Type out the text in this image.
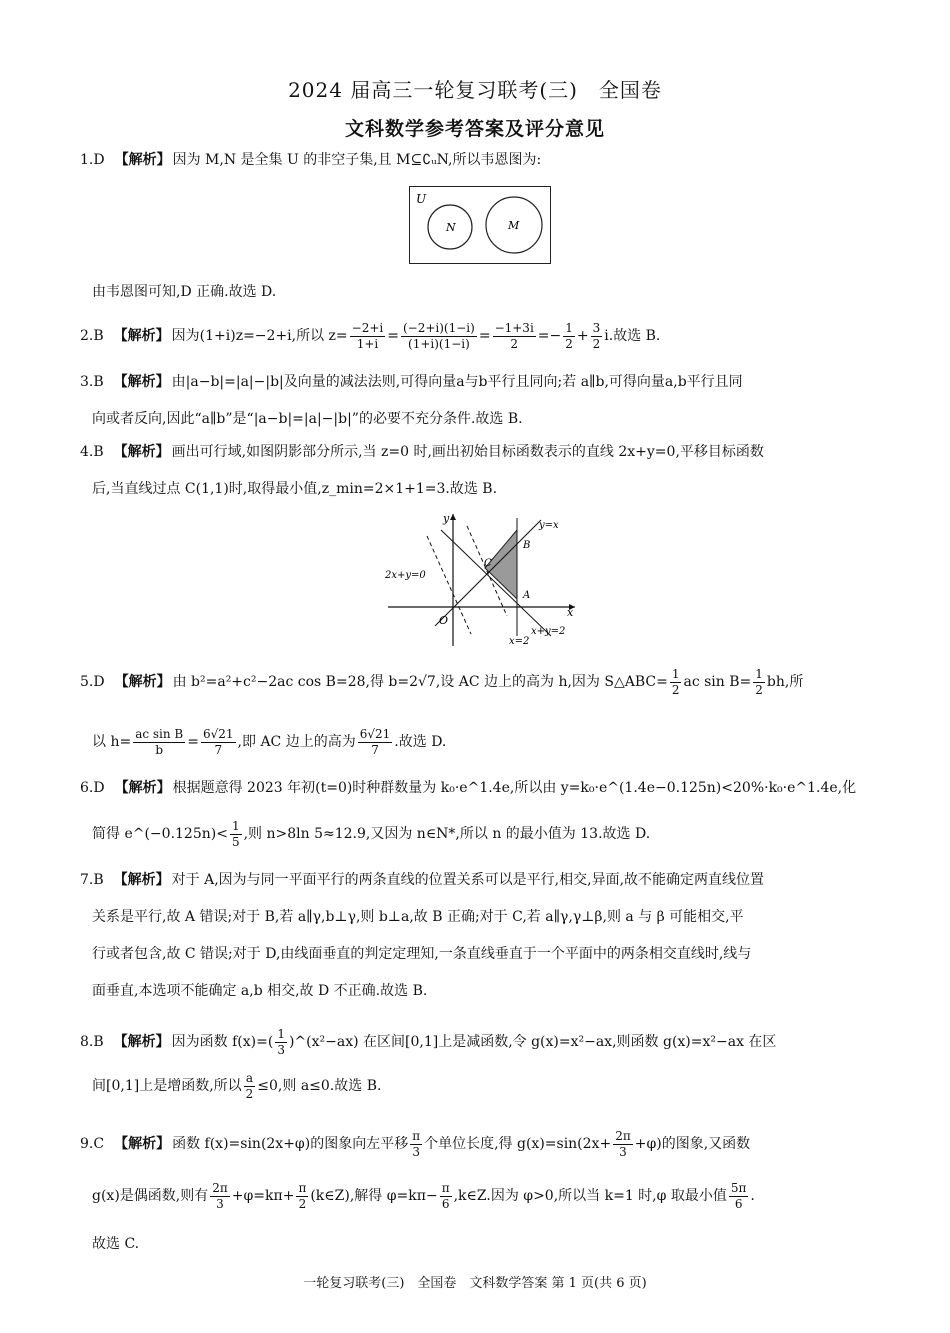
2024 届高三一轮复习联考(三)　全国卷
文科数学参考答案及评分意见
1.D 【解析】 因为 M,N 是全集 U 的非空子集,且 M⊆∁ᵤN,所以韦恩图为:
U
N	M
由韦恩图可知,D 正确.故选 D.
2.B 【解析】 因为(1+i)z=−2+i,所以 $z= \frac{-2+i}{1+i} = \frac{(-2+i)(1-i)}{(1+i)(1-i)} = \frac{-1+3i}{2} =- \frac{1}{2} + \frac{3}{2} i$.故选 B.
3.B 【解析】 由|a−b|=|a|−|b|及向量的减法法则,可得向量a与b平行且同向;若 a∥b,可得向量a,b平行且同
向或者反向,因此“a∥b”是“|a−b|=|a|−|b|”的必要不充分条件.故选 B.
4.B 【解析】 画出可行域,如图阴影部分所示,当 z=0 时,画出初始目标函数表示的直线 2x+y=0,平移目标函数
后,当直线过点 C(1,1)时,取得最小值,z_min=2×1+1=3.故选 B.
y
x
O
y=x
2x+y=0
x+y=2
x=2
A
B
C
5.D 【解析】 由 b²=a²+c²−2ac cos B=28,得 b=2√7,设 AC 边上的高为 h,因为 S△ABC= $\frac{1}{2}$ ac $\sin B= \frac{1}{2}$ bh,所
以 $h= \frac{\text{ac sin B}}{b} = \frac{6√21}{7}$ ,即 AC 边上的高为 $\frac{6√21}{7}$ .故选 D.
6.D 【解析】 根据题意得 2023 年初(t=0)时种群数量为 k₀·e^1.4e,所以由 y=k₀·e^(1.4e−0.125n)<20%·k₀·e^1.4e,化
简得 e^(−0.125n)< $\frac{1}{5}$ ,则 n>8ln 5≈12.9,又因为 n∈N*,所以 n 的最小值为 13.故选 D.
7.B 【解析】 对于 A,因为与同一平面平行的两条直线的位置关系可以是平行,相交,异面,故不能确定两直线位置
关系是平行,故 A 错误;对于 B,若 a∥γ,b⊥γ,则 b⊥a,故 B 正确;对于 C,若 a∥γ,γ⊥β,则 a 与 β 可能相交,平
行或者包含,故 C 错误;对于 D,由线面垂直的判定定理知,一条直线垂直于一个平面中的两条相交直线时,线与
面垂直,本选项不能确定 a,b 相交,故 D 不正确.故选 B.
8.B 【解析】 因为函数 $f(x)=( \frac{1}{3}$ )^(x²−ax) 在区间[0,1]上是减函数,令 g(x)=x²−ax,则函数 g(x)=x²−ax 在区
间[0,1]上是增函数,所以 $\frac{a}{2} \le 0$,则 a≤0.故选 B.
9.C 【解析】 函数 f(x)=sin(2x+φ)的图象向左平移 $\frac{\pi}{3}$ 个单位长度,得 $g(x)=\sin(2x+ \frac{2\pi}{3} +\varphi)$的图象,又函数
g(x)是偶函数,则有 $\frac{2\pi}{3} +\varphi=k\pi+ \frac{\pi}{2}$ (k∈Z),解得 $\varphi=k\pi- \frac{\pi}{6}$ ,k∈Z.因为 φ>0,所以当 k=1 时,φ 取最小值 $\frac{5\pi}{6}$ .
故选 C.
一轮复习联考(三)　全国卷　文科数学答案 第 1 页(共 6 页)
